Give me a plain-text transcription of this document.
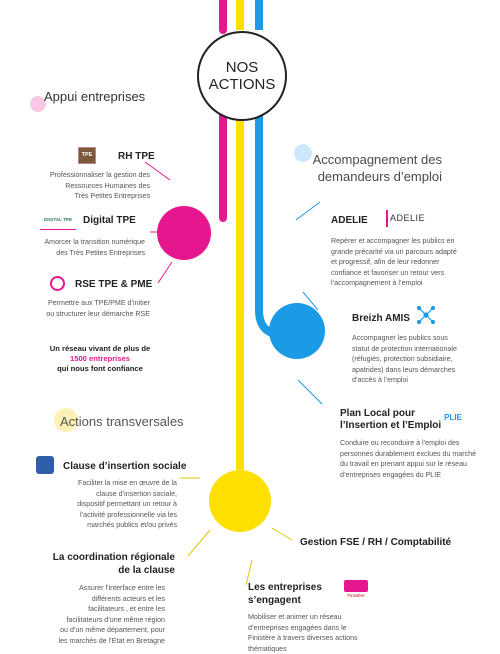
NOS
ACTIONS
Appui entreprises
Accompagnement des
demandeurs d’emploi
Actions transversales
TPE	RH TPE
Professionnaliser la gestion des
Ressources Humaines des
Très Petites Entreprises
DIGITAL TPE	Digital TPE
Amorcer la transition numérique
des Très Petites Entreprises
RSE TPE & PME
Permettre aux TPE/PME d’initier
ou structurer leur démarche RSE
Un réseau vivant de plus de
1500 entreprises
qui nous font confiance
ADELIE ADELIE
Repérer et accompagner les publics en
grande précarité via un parcours adapté
et progressif, afin de leur redonner
confiance et favoriser un retour vers
l’accompagnement à l’emploi
Breizh AMIS
Accompagner les publics sous
statut de protection internationale
(réfugiés, protection subsidiaire,
apatrides) dans leurs démarches
d’accès à l’emploi
Plan Local pour
l’Insertion et l’Emploi
PLIE
Conduire ou reconduire à l’emploi des
personnes durablement exclues du marché
du travail en prenant appui sur le réseau
d’entreprises engagées du PLIE
Clause d’insertion sociale
Faciliter la mise en œuvre de la
clause d’insertion sociale,
dispositif permettant un retour à
l’activité professionnelle via les
marchés publics et/ou privés
La coordination régionale
de la clause
Assurer l’interface entre les
différents acteurs et les
facilitateurs , et entre les
facilitateurs d’une même région
ou d’un même département, pour
les marchés de l’Etat en Bretagne
Gestion FSE / RH / Comptabilité
Les entreprises
s’engagent	Finistère
Mobiliser et animer un réseau
d’entreprises engagées dans le
Finistère à travers diverses actions
thématiques
